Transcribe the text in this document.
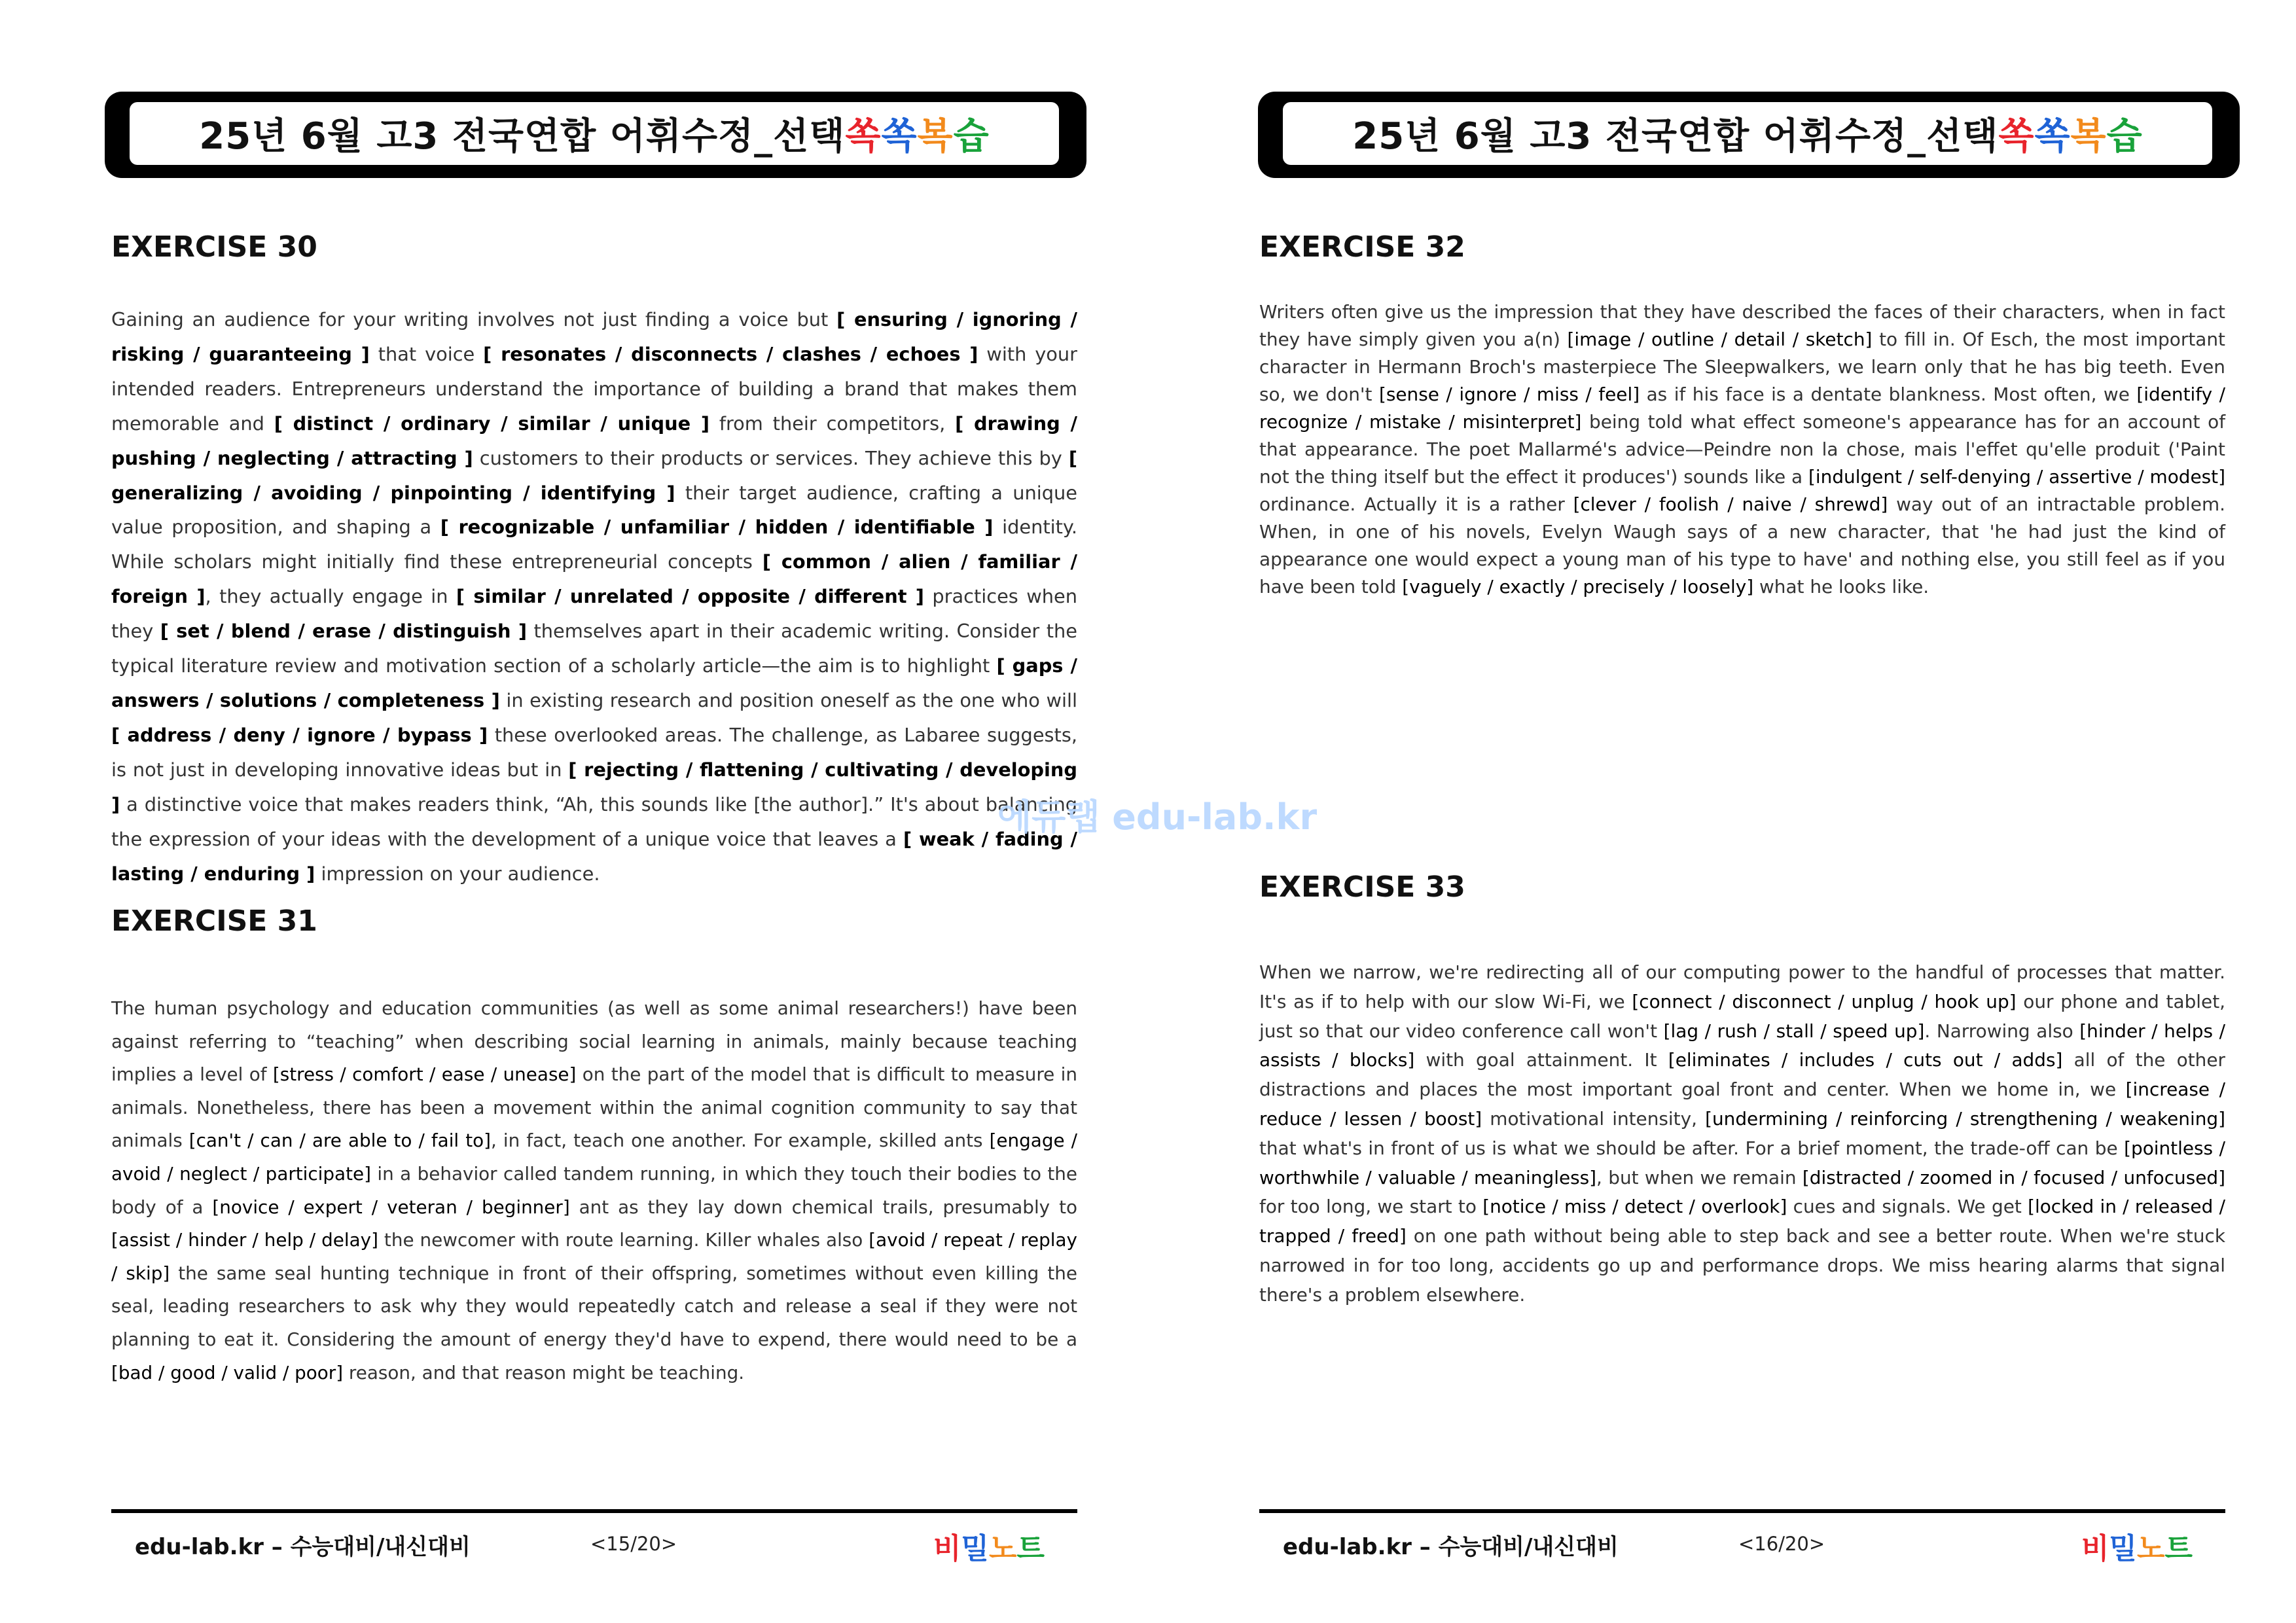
25년 6월 고3 전국연합 어휘수정_선택 쏙 쏙 복 습
EXERCISE 30

Gaining an audience for your writing involves not just finding a voice but [ ensuring / ignoring / risking / guaranteeing ] that voice [ resonates / disconnects / clashes / echoes ] with your intended readers. Entrepreneurs understand the importance of building a brand that makes them memorable and [ distinct / ordinary / similar / unique ] from their competitors, [ drawing / pushing / neglecting / attracting ] customers to their products or services. They achieve this by [ generalizing / avoiding / pinpointing / identifying ] their target audience, crafting a unique value proposition, and shaping a [ recognizable / unfamiliar / hidden / identifiable ] identity. While scholars might initially find these entrepreneurial concepts [ common / alien / familiar / foreign ], they actually engage in [ similar / unrelated / opposite / different ] practices when they [ set / blend / erase / distinguish ] themselves apart in their academic writing. Consider the typical literature review and motivation section of a scholarly article—the aim is to highlight [ gaps / answers / solutions / completeness ] in existing research and position oneself as the one who will [ address / deny / ignore / bypass ] these overlooked areas. The challenge, as Labaree suggests, is not just in developing innovative ideas but in [ rejecting / flattening / cultivating / developing ] a distinctive voice that makes readers think, “Ah, this sounds like [the author].” It's about balancing the expression of your ideas with the development of a unique voice that leaves a [ weak / fading / lasting / enduring ] impression on your audience.

EXERCISE 31

The human psychology and education communities (as well as some animal researchers!) have been against referring to “teaching” when describing social learning in animals, mainly because teaching implies a level of [stress / comfort / ease / unease] on the part of the model that is difficult to measure in animals. Nonetheless, there has been a movement within the animal cognition community to say that animals [can't / can / are able to / fail to], in fact, teach one another. For example, skilled ants [engage / avoid / neglect / participate] in a behavior called tandem running, in which they touch their bodies to the body of a [novice / expert / veteran / beginner] ant as they lay down chemical trails, presumably to [assist / hinder / help / delay] the newcomer with route learning. Killer whales also [avoid / repeat / replay / skip] the same seal hunting technique in front of their offspring, sometimes without even killing the seal, leading researchers to ask why they would repeatedly catch and release a seal if they were not planning to eat it. Considering the amount of energy they'd have to expend, there would need to be a [bad / good / valid / poor] reason, and that reason might be teaching.

edu-lab.kr – 수능대비/내신대비	<15/20>	비밀노트
25년 6월 고3 전국연합 어휘수정_선택 쏙 쏙 복 습
EXERCISE 32

Writers often give us the impression that they have described the faces of their characters, when in fact they have simply given you a(n) [image / outline / detail / sketch] to fill in. Of Esch, the most important character in Hermann Broch's masterpiece The Sleepwalkers, we learn only that he has big teeth. Even so, we don't [sense / ignore / miss / feel] as if his face is a dentate blankness. Most often, we [identify / recognize / mistake / misinterpret] being told what effect someone's appearance has for an account of that appearance. The poet Mallarmé's advice—Peindre non la chose, mais l'effet qu'elle produit ('Paint not the thing itself but the effect it produces') sounds like a [indulgent / self-denying / assertive / modest] ordinance. Actually it is a rather [clever / foolish / naive / shrewd] way out of an intractable problem. When, in one of his novels, Evelyn Waugh says of a new character, that 'he had just the kind of appearance one would expect a young man of his type to have' and nothing else, you still feel as if you have been told [vaguely / exactly / precisely / loosely] what he looks like.

EXERCISE 33

When we narrow, we're redirecting all of our computing power to the handful of processes that matter. It's as if to help with our slow Wi-Fi, we [connect / disconnect / unplug / hook up] our phone and tablet, just so that our video conference call won't [lag / rush / stall / speed up]. Narrowing also [hinder / helps / assists / blocks] with goal attainment. It [eliminates / includes / cuts out / adds] all of the other distractions and places the most important goal front and center. When we home in, we [increase / reduce / lessen / boost] motivational intensity, [undermining / reinforcing / strengthening / weakening] that what's in front of us is what we should be after. For a brief moment, the trade-off can be [pointless / worthwhile / valuable / meaningless], but when we remain [distracted / zoomed in / focused / unfocused] for too long, we start to [notice / miss / detect / overlook] cues and signals. We get [locked in / released / trapped / freed] on one path without being able to step back and see a better route. When we're stuck narrowed in for too long, accidents go up and performance drops. We miss hearing alarms that signal there's a problem elsewhere.

edu-lab.kr – 수능대비/내신대비	<16/20>	비밀노트
에듀랩 edu-lab.kr
